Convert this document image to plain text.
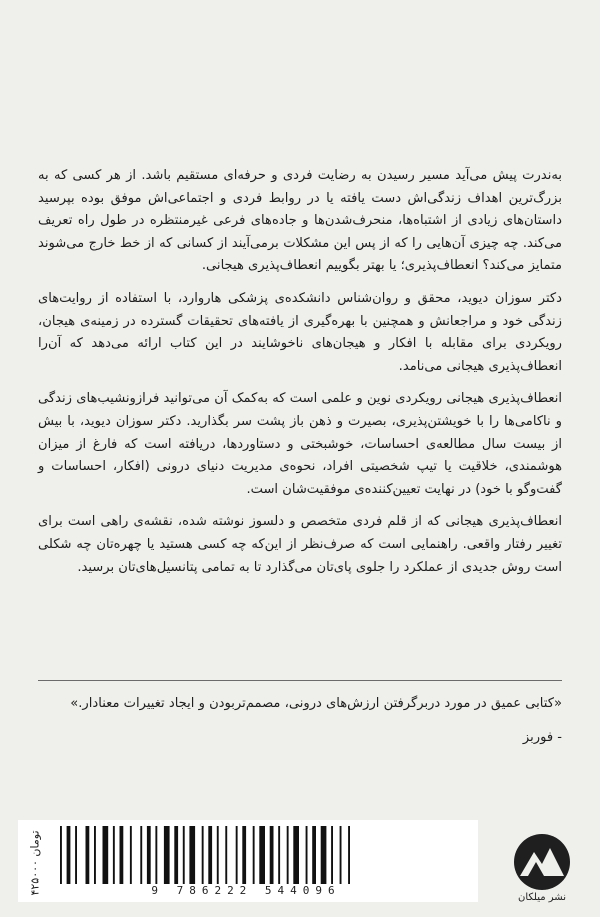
به‌ندرت پیش می‌آید مسیر رسیدن به رضایت فردی و حرفه‌ای مستقیم باشد. از هر کسی که به بزرگ‌ترین اهداف زندگی‌اش دست یافته یا در روابط فردی و اجتماعی‌اش موفق بوده بپرسید داستان‌های زیادی از اشتباه‌ها، منحرف‌شدن‌ها و جاده‌های فرعی غیرمنتظره در طول راه تعریف می‌کند. چه چیزی آن‌هایی را که از پس این مشکلات برمی‌آیند از کسانی که از خط خارج می‌شوند متمایز می‌کند؟ انعطاف‌پذیری؛ یا بهتر بگوییم انعطاف‌پذیری هیجانی.

دکتر سوزان دیوید، محقق و روان‌شناس دانشکده‌ی پزشکی هاروارد، با استفاده از روایت‌های زندگی خود و مراجعانش و همچنین با بهره‌گیری از یافته‌های تحقیقات گسترده در زمینه‌ی هیجان، رویکردی برای مقابله با افکار و هیجان‌های ناخوشایند در این کتاب ارائه می‌دهد که آن‌را انعطاف‌پذیری هیجانی می‌نامد.

انعطاف‌پذیری هیجانی رویکردی نوین و علمی است که به‌کمک آن می‌توانید فرازونشیب‌های زندگی و ناکامی‌ها را با خویشتن‌پذیری، بصیرت و ذهن باز پشت سر بگذارید. دکتر سوزان دیوید، با بیش از بیست سال مطالعه‌ی احساسات، خوشبختی و دستاوردها، دریافته است که فارغ از میزان هوشمندی، خلاقیت یا تیپ شخصیتی افراد، نحوه‌ی مدیریت دنیای درونی (افکار، احساسات و گفت‌وگو با خود) در نهایت تعیین‌کننده‌ی موفقیت‌شان است.

انعطاف‌پذیری هیجانی که از قلم فردی متخصص و دلسوز نوشته شده، نقشه‌ی راهی است برای تغییر رفتار واقعی. راهنمایی است که صرف‌نظر از این‌که چه کسی هستید یا چهره‌تان چه شکلی است روش جدیدی از عملکرد را جلوی پای‌تان می‌گذارد تا به تمامی پتانسیل‌های‌تان برسید.

«کتابی عمیق در مورد دربرگرفتن ارزش‌های درونی، مصمم‌تربودن و ایجاد تغییرات معنادار.»
- فوربز
۴۲۵۰۰۰ تومان
9 786222 544096
نشر میلکان
